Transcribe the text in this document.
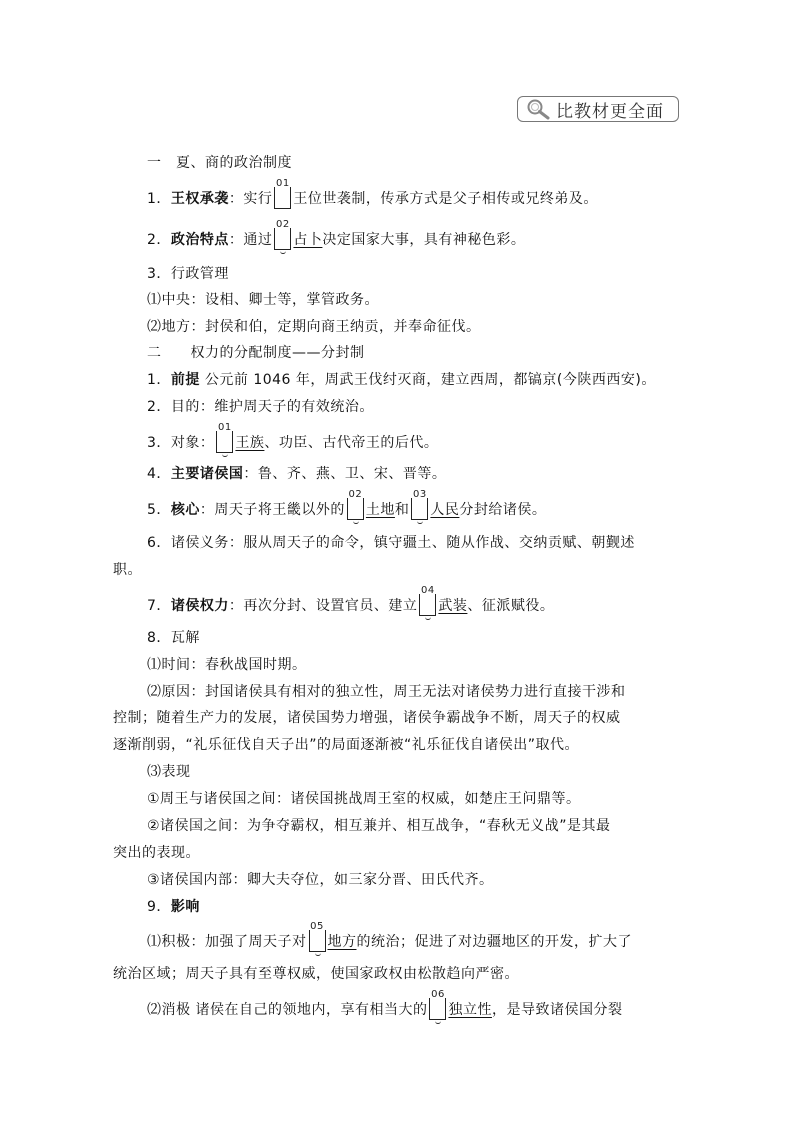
比教材更全面
一　夏、商的政治制度
1．王权承袭：实行
01
王位世袭制，传承方式是父子相传或兄终弟及。
2．政治特点：通过
02
占卜决定国家大事，具有神秘色彩。
3．行政管理
⑴中央：设相、卿士等，掌管政务。
⑵地方：封侯和伯，定期向商王纳贡，并奉命征伐。
二　　权力的分配制度——分封制
1．前提 公元前 1046 年，周武王伐纣灭商，建立西周，都镐京(今陕西西安)。
2．目的：维护周天子的有效统治。
3．对象：
01
王族、功臣、古代帝王的后代。
4．主要诸侯国：鲁、齐、燕、卫、宋、晋等。
5．核心：周天子将王畿以外的
02
土地和
03
人民分封给诸侯。
6．诸侯义务：服从周天子的命令，镇守疆土、随从作战、交纳贡赋、朝觐述
职。
7．诸侯权力：再次分封、设置官员、建立
04
武装、征派赋役。
8．瓦解
⑴时间：春秋战国时期。
⑵原因：封国诸侯具有相对的独立性，周王无法对诸侯势力进行直接干涉和
控制；随着生产力的发展，诸侯国势力增强，诸侯争霸战争不断，周天子的权威
逐渐削弱，“礼乐征伐自天子出”的局面逐渐被“礼乐征伐自诸侯出”取代。
⑶表现
①周王与诸侯国之间：诸侯国挑战周王室的权威，如楚庄王问鼎等。
②诸侯国之间：为争夺霸权，相互兼并、相互战争，“春秋无义战”是其最
突出的表现。
③诸侯国内部：卿大夫夺位，如三家分晋、田氏代齐。
9．影响
⑴积极：加强了周天子对
05
地方的统治；促进了对边疆地区的开发，扩大了
统治区域；周天子具有至尊权威，使国家政权由松散趋向严密。
⑵消极 诸侯在自己的领地内，享有相当大的
06
独立性，是导致诸侯国分裂
